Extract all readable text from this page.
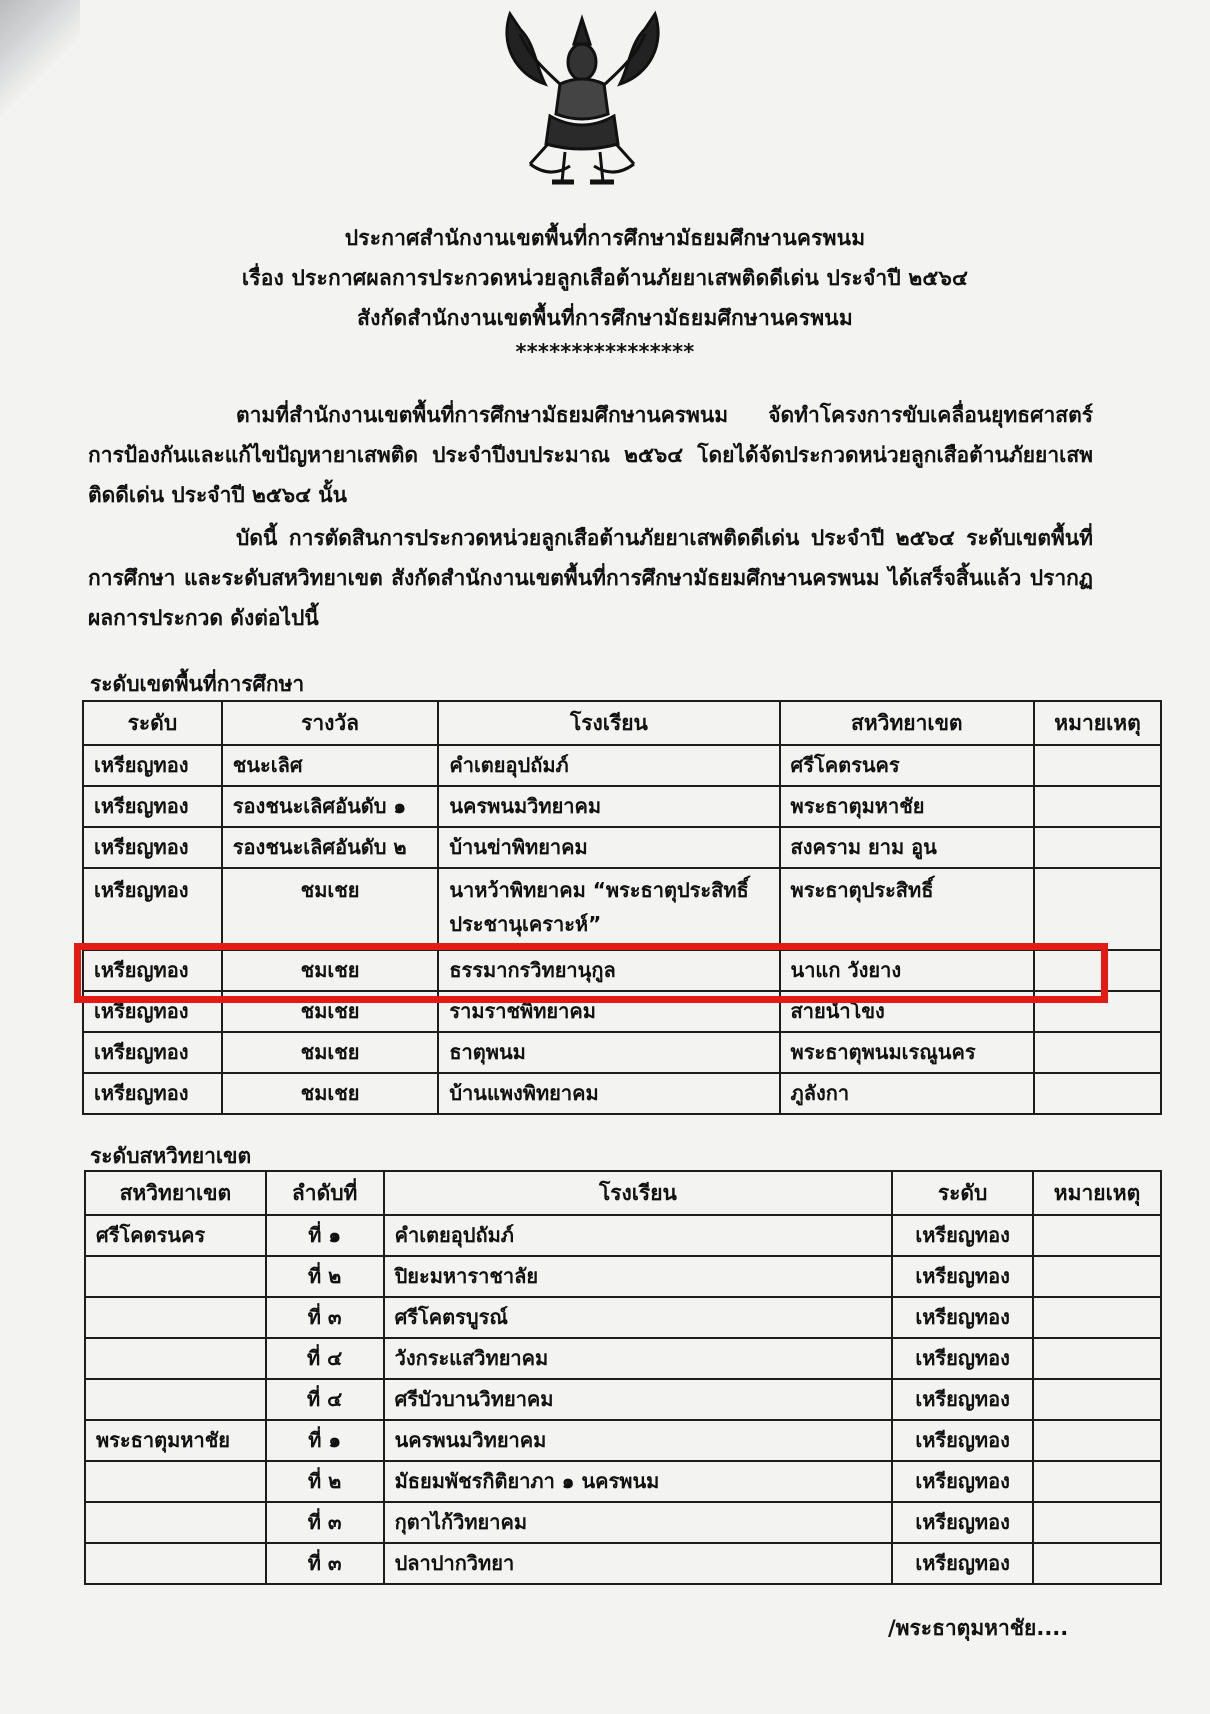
ประกาศสำนักงานเขตพื้นที่การศึกษามัธยมศึกษานครพนม
เรื่อง ประกาศผลการประกวดหน่วยลูกเสือต้านภัยยาเสพติดดีเด่น ประจำปี ๒๕๖๔
สังกัดสำนักงานเขตพื้นที่การศึกษามัธยมศึกษานครพนม
****************
ตามที่สำนักงานเขตพื้นที่การศึกษามัธยมศึกษานครพนม จัดทำโครงการขับเคลื่อนยุทธศาสตร์การป้องกันและแก้ไขปัญหายาเสพติด ประจำปีงบประมาณ ๒๕๖๔ โดยได้จัดประกวดหน่วยลูกเสือต้านภัยยาเสพติดดีเด่น ประจำปี ๒๕๖๔ นั้น
บัดนี้ การตัดสินการประกวดหน่วยลูกเสือต้านภัยยาเสพติดดีเด่น ประจำปี ๒๕๖๔ ระดับเขตพื้นที่การศึกษา และระดับสหวิทยาเขต สังกัดสำนักงานเขตพื้นที่การศึกษามัธยมศึกษานครพนม ได้เสร็จสิ้นแล้ว ปรากฏผลการประกวด ดังต่อไปนี้
ระดับเขตพื้นที่การศึกษา
ระดับ	รางวัล	โรงเรียน	สหวิทยาเขต	หมายเหตุ
เหรียญทอง	ชนะเลิศ	คำเตยอุปถัมภ์	ศรีโคตรนคร	
เหรียญทอง	รองชนะเลิศอันดับ ๑	นครพนมวิทยาคม	พระธาตุมหาชัย	
เหรียญทอง	รองชนะเลิศอันดับ ๒	บ้านข่าพิทยาคม	สงคราม ยาม อูน	
เหรียญทอง	ชมเชย	นาหว้าพิทยาคม “พระธาตุประสิทธิ์ประชานุเคราะห์”	พระธาตุประสิทธิ์	
เหรียญทอง	ชมเชย	ธรรมากรวิทยานุกูล	นาแก วังยาง	
เหรียญทอง	ชมเชย	รามราชพิทยาคม	สายน้ำโขง	
เหรียญทอง	ชมเชย	ธาตุพนม	พระธาตุพนมเรณูนคร	
เหรียญทอง	ชมเชย	บ้านแพงพิทยาคม	ภูลังกา	
ระดับสหวิทยาเขต
สหวิทยาเขต	ลำดับที่	โรงเรียน	ระดับ	หมายเหตุ
ศรีโคตรนคร	ที่ ๑	คำเตยอุปถัมภ์	เหรียญทอง	
	ที่ ๒	ปิยะมหาราชาลัย	เหรียญทอง	
	ที่ ๓	ศรีโคตรบูรณ์	เหรียญทอง	
	ที่ ๔	วังกระแสวิทยาคม	เหรียญทอง	
	ที่ ๔	ศรีบัวบานวิทยาคม	เหรียญทอง	
พระธาตุมหาชัย	ที่ ๑	นครพนมวิทยาคม	เหรียญทอง	
	ที่ ๒	มัธยมพัชรกิติยาภา ๑ นครพนม	เหรียญทอง	
	ที่ ๓	กุตาไก้วิทยาคม	เหรียญทอง	
	ที่ ๓	ปลาปากวิทยา	เหรียญทอง	
/พระธาตุมหาชัย....
